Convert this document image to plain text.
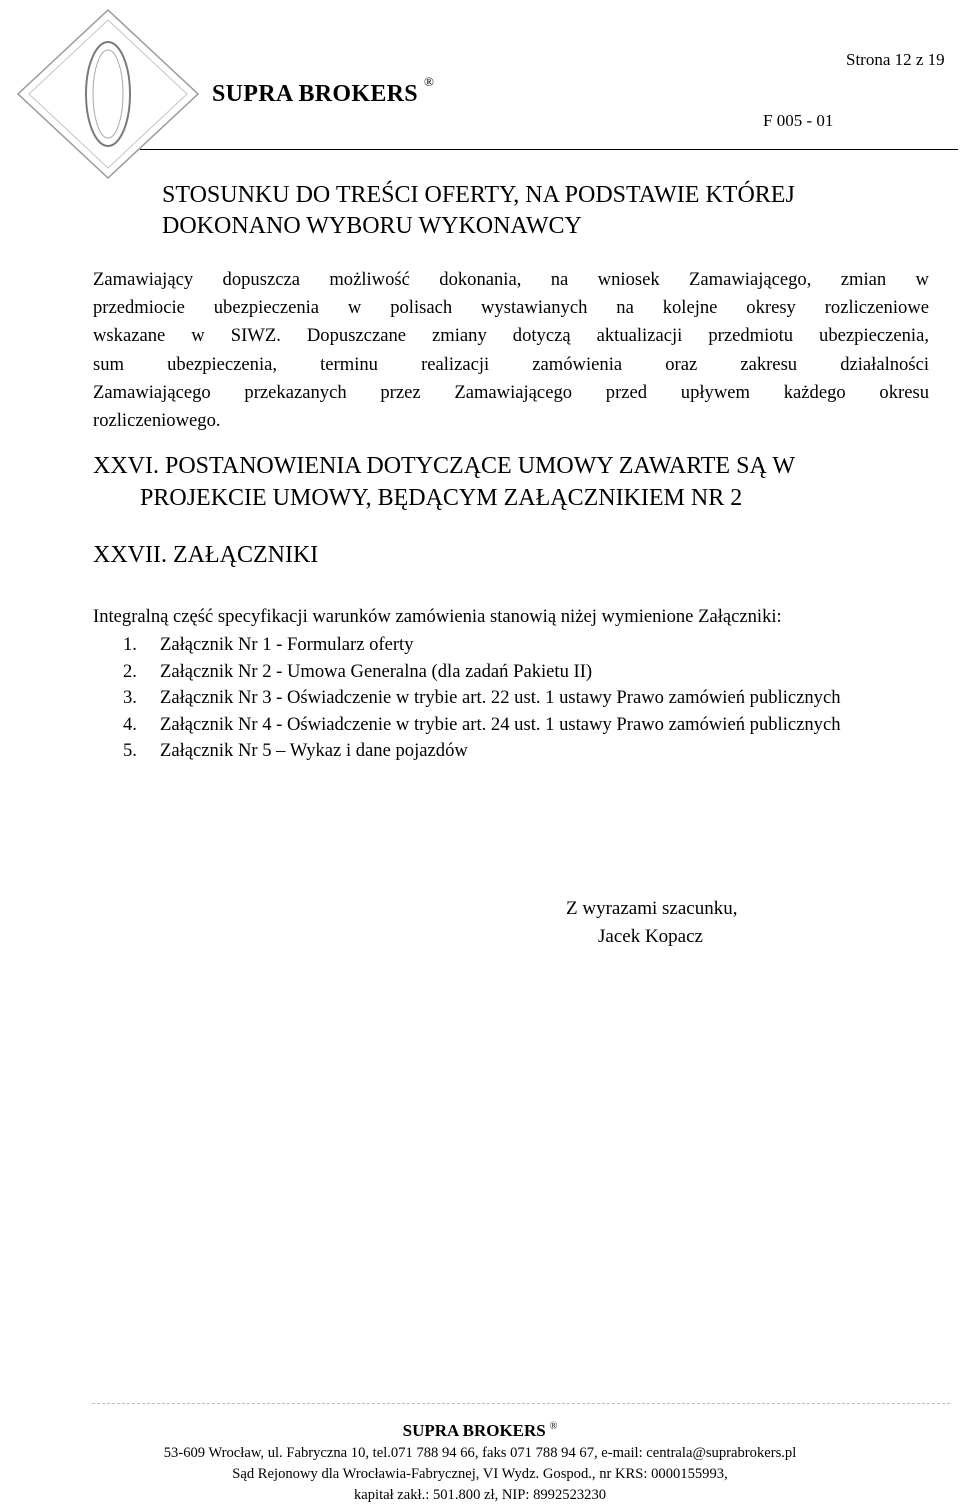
SUPRA BROKERS ®
Strona 12 z 19
F 005 - 01
STOSUNKU DO TREŚCI OFERTY, NA PODSTAWIE KTÓREJ
DOKONANO WYBORU WYKONAWCY
Zamawiający dopuszcza możliwość dokonania, na wniosek Zamawiającego, zmian w
przedmiocie ubezpieczenia w polisach wystawianych na kolejne okresy rozliczeniowe
wskazane w SIWZ. Dopuszczane zmiany dotyczą aktualizacji przedmiotu ubezpieczenia,
sum ubezpieczenia, terminu realizacji zamówienia oraz zakresu działalności
Zamawiającego przekazanych przez Zamawiającego przed upływem każdego okresu
rozliczeniowego.
XXVI. POSTANOWIENIA DOTYCZĄCE UMOWY ZAWARTE SĄ W
PROJEKCIE UMOWY, BĘDĄCYM ZAŁĄCZNIKIEM NR 2
XXVII. ZAŁĄCZNIKI
Integralną część specyfikacji warunków zamówienia stanowią niżej wymienione Załączniki:
1. Załącznik Nr 1 - Formularz oferty
2. Załącznik Nr 2 - Umowa Generalna (dla zadań Pakietu II)
3. Załącznik Nr 3 - Oświadczenie w trybie art. 22 ust. 1 ustawy Prawo zamówień publicznych
4. Załącznik Nr 4 - Oświadczenie w trybie art. 24 ust. 1 ustawy Prawo zamówień publicznych
5. Załącznik Nr 5 – Wykaz i dane pojazdów
Z wyrazami szacunku,
Jacek Kopacz
SUPRA BROKERS ®
53-609 Wrocław, ul. Fabryczna 10, tel.071 788 94 66, faks 071 788 94 67, e-mail: centrala@suprabrokers.pl
Sąd Rejonowy dla Wrocławia-Fabrycznej, VI Wydz. Gospod., nr KRS: 0000155993,
kapitał zakł.: 501.800 zł, NIP: 8992523230
